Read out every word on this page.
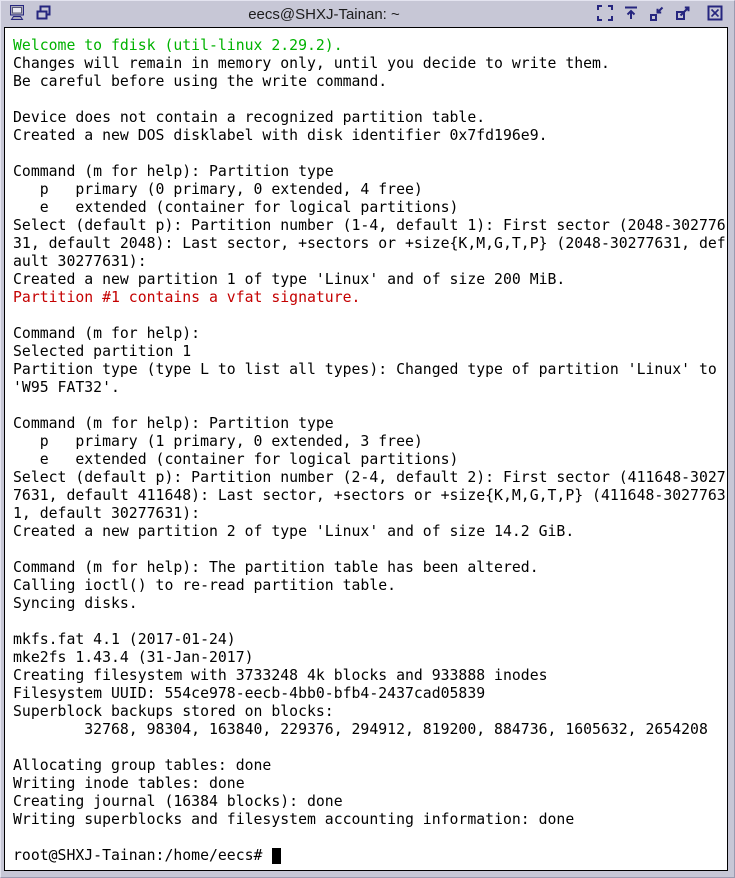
eecs@SHXJ-Tainan: ~
Welcome to fdisk (util-linux 2.29.2).
Changes will remain in memory only, until you decide to write them.
Be careful before using the write command.

Device does not contain a recognized partition table.
Created a new DOS disklabel with disk identifier 0x7fd196e9.

Command (m for help): Partition type
p   primary (0 primary, 0 extended, 4 free)
e   extended (container for logical partitions)
Select (default p): Partition number (1-4, default 1): First sector (2048-302776
31, default 2048): Last sector, +sectors or +size{K,M,G,T,P} (2048-30277631, def
ault 30277631):
Created a new partition 1 of type 'Linux' and of size 200 MiB.
Partition #1 contains a vfat signature.

Command (m for help):
Selected partition 1
Partition type (type L to list all types): Changed type of partition 'Linux' to
'W95 FAT32'.

Command (m for help): Partition type
p   primary (1 primary, 0 extended, 3 free)
e   extended (container for logical partitions)
Select (default p): Partition number (2-4, default 2): First sector (411648-3027
7631, default 411648): Last sector, +sectors or +size{K,M,G,T,P} (411648-3027763
1, default 30277631):
Created a new partition 2 of type 'Linux' and of size 14.2 GiB.

Command (m for help): The partition table has been altered.
Calling ioctl() to re-read partition table.
Syncing disks.

mkfs.fat 4.1 (2017-01-24)
mke2fs 1.43.4 (31-Jan-2017)
Creating filesystem with 3733248 4k blocks and 933888 inodes
Filesystem UUID: 554ce978-eecb-4bb0-bfb4-2437cad05839
Superblock backups stored on blocks:
32768, 98304, 163840, 229376, 294912, 819200, 884736, 1605632, 2654208

Allocating group tables: done
Writing inode tables: done
Creating journal (16384 blocks): done
Writing superblocks and filesystem accounting information: done

root@SHXJ-Tainan:/home/eecs#
